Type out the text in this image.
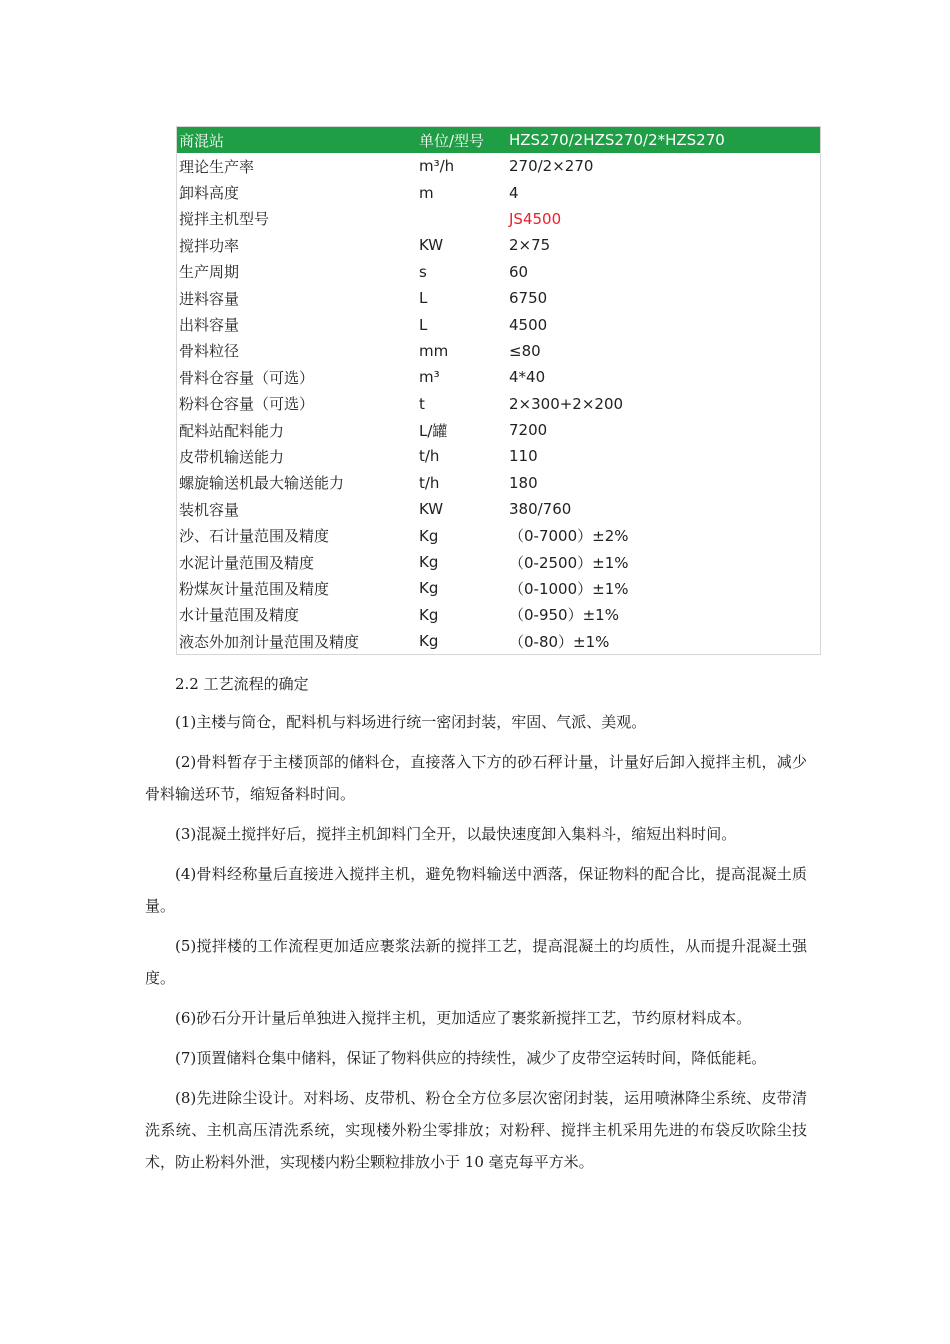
商混站	单位/型号	HZS270/2HZS270/2*HZS270
理论生产率	m³/h	270/2×270
卸料高度	m	4
搅拌主机型号		JS4500
搅拌功率	KW	2×75
生产周期	s	60
进料容量	L	6750
出料容量	L	4500
骨料粒径	mm	≤80
骨料仓容量（可选）	m³	4*40
粉料仓容量（可选）	t	2×300+2×200
配料站配料能力	L/罐	7200
皮带机输送能力	t/h	110
螺旋输送机最大输送能力	t/h	180
装机容量	KW	380/760
沙、石计量范围及精度	Kg	（0-7000）±2%
水泥计量范围及精度	Kg	（0-2500）±1%
粉煤灰计量范围及精度	Kg	（0-1000）±1%
水计量范围及精度	Kg	（0-950）±1%
液态外加剂计量范围及精度	Kg	（0-80）±1%

2.2 工艺流程的确定

(1)主楼与筒仓，配料机与料场进行统一密闭封装，牢固、气派、美观。

(2)骨料暂存于主楼顶部的储料仓，直接落入下方的砂石秤计量，计量好后卸入搅拌主机，减少骨料输送环节，缩短备料时间。

(3)混凝土搅拌好后，搅拌主机卸料门全开，以最快速度卸入集料斗，缩短出料时间。

(4)骨料经称量后直接进入搅拌主机，避免物料输送中洒落，保证物料的配合比，提高混凝土质量。

(5)搅拌楼的工作流程更加适应裹浆法新的搅拌工艺，提高混凝土的均质性，从而提升混凝土强度。

(6)砂石分开计量后单独进入搅拌主机，更加适应了裹浆新搅拌工艺，节约原材料成本。

(7)顶置储料仓集中储料，保证了物料供应的持续性，减少了皮带空运转时间，降低能耗。

(8)先进除尘设计。对料场、皮带机、粉仓全方位多层次密闭封装，运用喷淋降尘系统、皮带清洗系统、主机高压清洗系统，实现楼外粉尘零排放；对粉秤、搅拌主机采用先进的布袋反吹除尘技术，防止粉料外泄，实现楼内粉尘颗粒排放小于 10 毫克每平方米。
